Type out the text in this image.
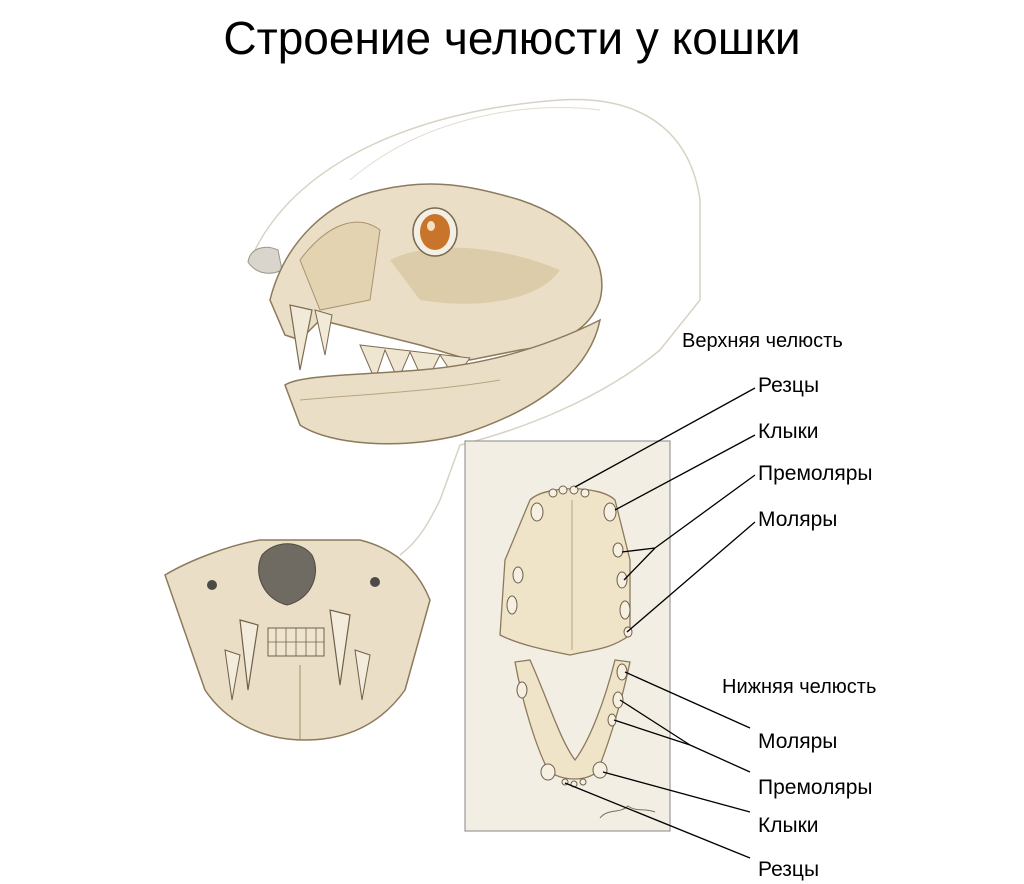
Строение челюсти у кошки
Верхняя челюсть
Резцы
Клыки
Премоляры
Моляры
Нижняя челюсть
Моляры
Премоляры
Клыки
Резцы
